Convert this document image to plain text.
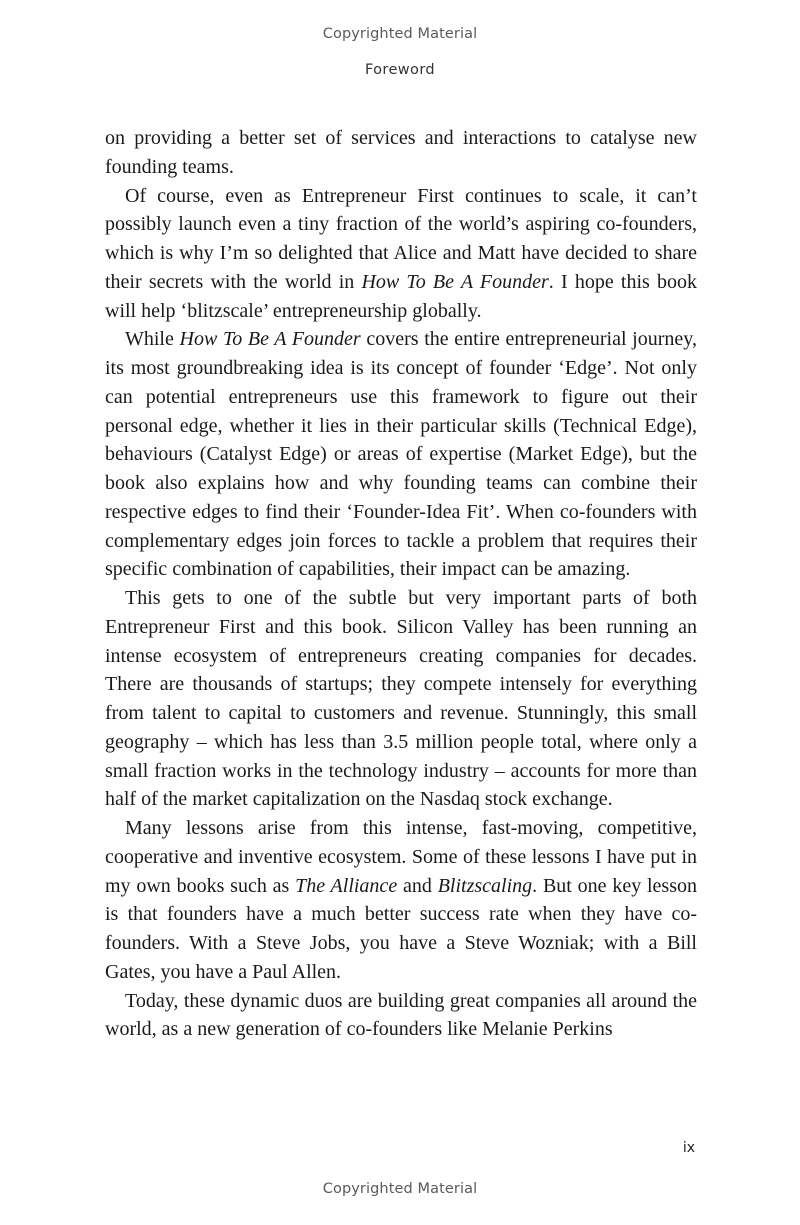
Copyrighted Material
Foreword

on providing a better set of services and interactions to catalyse new founding teams.

Of course, even as Entrepreneur First continues to scale, it can’t possibly launch even a tiny fraction of the world’s aspiring co-founders, which is why I’m so delighted that Alice and Matt have decided to share their secrets with the world in How To Be A Founder. I hope this book will help ‘blitzscale’ entrepreneurship globally.

While How To Be A Founder covers the entire entrepreneurial journey, its most groundbreaking idea is its concept of founder ‘Edge’. Not only can potential entrepreneurs use this framework to figure out their personal edge, whether it lies in their particular skills (Technical Edge), behaviours (Catalyst Edge) or areas of expertise (Market Edge), but the book also explains how and why founding teams can combine their respective edges to find their ‘Founder-Idea Fit’. When co-founders with complementary edges join forces to tackle a problem that requires their specific combination of capabilities, their impact can be amazing.

This gets to one of the subtle but very important parts of both Entrepreneur First and this book. Silicon Valley has been running an intense ecosystem of entrepreneurs creating companies for decades. There are thousands of startups; they compete intensely for everything from talent to capital to customers and revenue. Stunningly, this small geography – which has less than 3.5 million people total, where only a small fraction works in the technology industry – accounts for more than half of the market capitalization on the Nasdaq stock exchange.

Many lessons arise from this intense, fast-moving, competitive, cooperative and inventive ecosystem. Some of these lessons I have put in my own books such as The Alliance and Blitzscaling. But one key lesson is that founders have a much better success rate when they have co-founders. With a Steve Jobs, you have a Steve Wozniak; with a Bill Gates, you have a Paul Allen.

Today, these dynamic duos are building great companies all around the world, as a new generation of co-founders like Melanie Perkins

ix
Copyrighted Material
